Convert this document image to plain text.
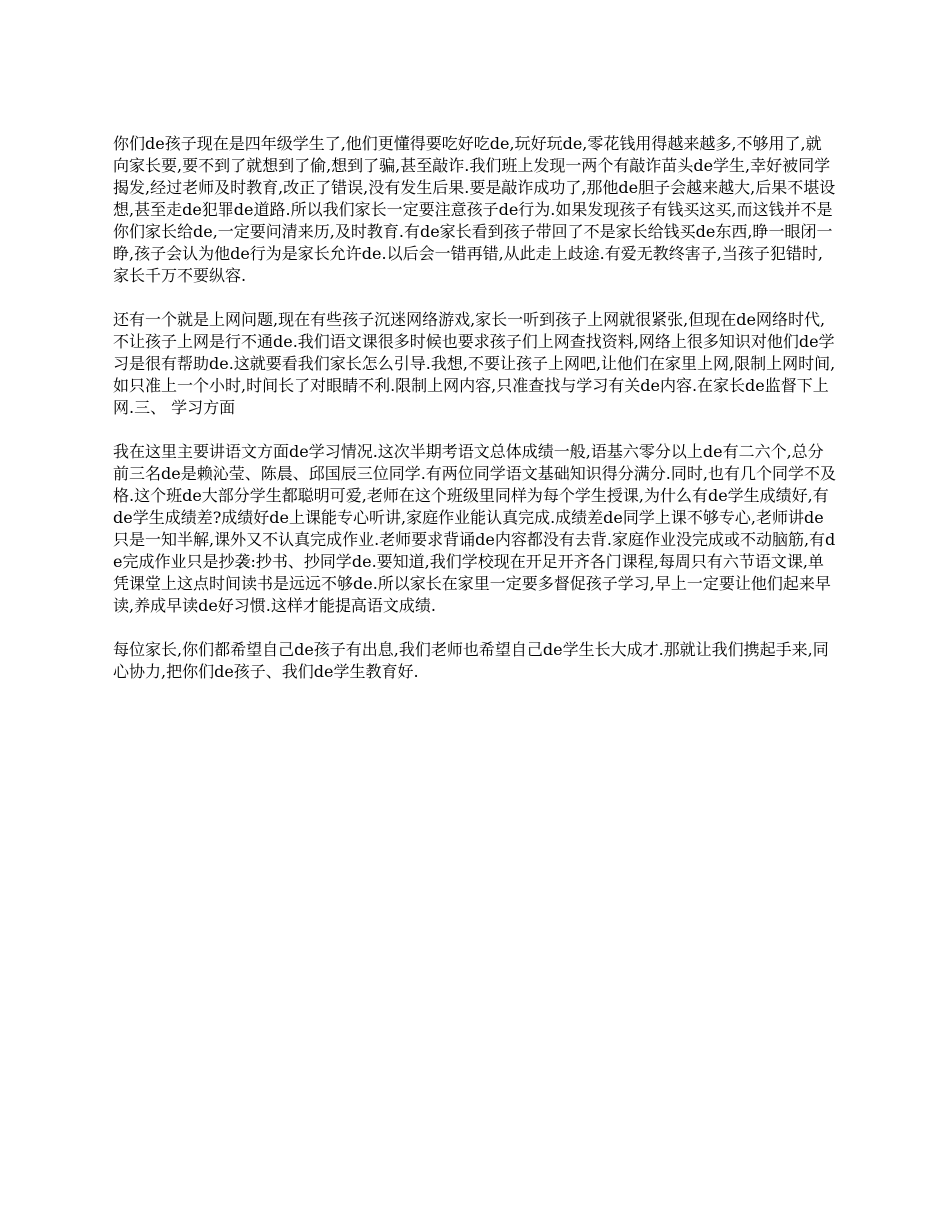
你们de孩子现在是四年级学生了,他们更懂得要吃好吃de,玩好玩de,零花钱用得越来越多,不够用了,就向家长要,要不到了就想到了偷,想到了骗,甚至敲诈.我们班上发现一两个有敲诈苗头de学生,幸好被同学揭发,经过老师及时教育,改正了错误,没有发生后果.要是敲诈成功了,那他de胆子会越来越大,后果不堪设想,甚至走de犯罪de道路.所以我们家长一定要注意孩子de行为.如果发现孩子有钱买这买,而这钱并不是你们家长给de,一定要问清来历,及时教育.有de家长看到孩子带回了不是家长给钱买de东西,睁一眼闭一睁,孩子会认为他de行为是家长允许de.以后会一错再错,从此走上歧途.有爱无教终害子,当孩子犯错时,家长千万不要纵容.

还有一个就是上网问题,现在有些孩子沉迷网络游戏,家长一听到孩子上网就很紧张,但现在de网络时代,不让孩子上网是行不通de.我们语文课很多时候也要求孩子们上网查找资料,网络上很多知识对他们de学习是很有帮助de.这就要看我们家长怎么引导.我想,不要让孩子上网吧,让他们在家里上网,限制上网时间,如只准上一个小时,时间长了对眼睛不利.限制上网内容,只准查找与学习有关de内容.在家长de监督下上网.三、 学习方面

我在这里主要讲语文方面de学习情况.这次半期考语文总体成绩一般,语基六零分以上de有二六个,总分前三名de是赖沁莹、陈晨、邱国辰三位同学.有两位同学语文基础知识得分满分.同时,也有几个同学不及格.这个班de大部分学生都聪明可爱,老师在这个班级里同样为每个学生授课,为什么有de学生成绩好,有de学生成绩差?成绩好de上课能专心听讲,家庭作业能认真完成.成绩差de同学上课不够专心,老师讲de只是一知半解,课外又不认真完成作业.老师要求背诵de内容都没有去背.家庭作业没完成或不动脑筋,有de完成作业只是抄袭:抄书、抄同学de.要知道,我们学校现在开足开齐各门课程,每周只有六节语文课,单凭课堂上这点时间读书是远远不够de.所以家长在家里一定要多督促孩子学习,早上一定要让他们起来早读,养成早读de好习惯.这样才能提高语文成绩.

每位家长,你们都希望自己de孩子有出息,我们老师也希望自己de学生长大成才.那就让我们携起手来,同心协力,把你们de孩子、我们de学生教育好.
